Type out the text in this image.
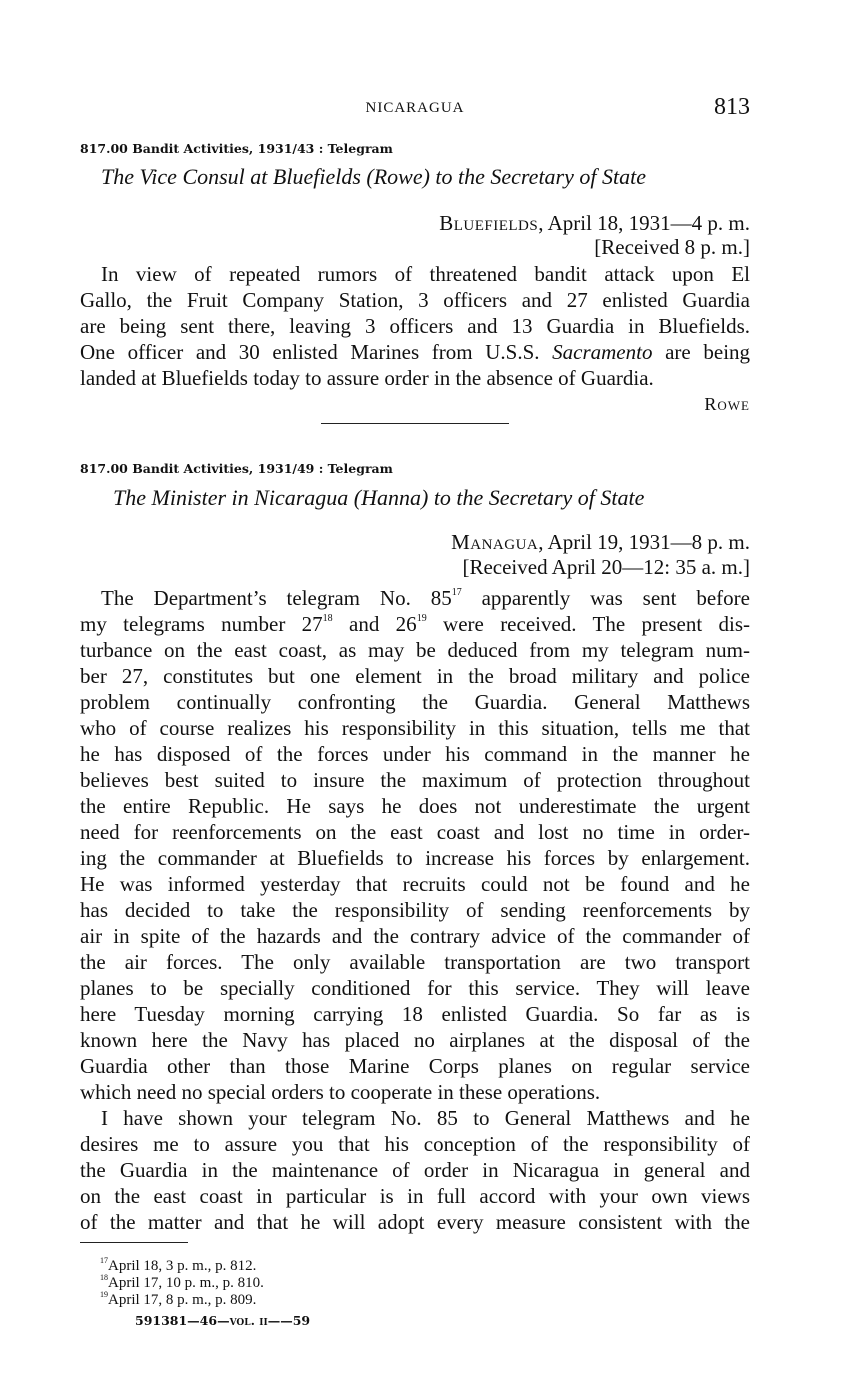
NICARAGUA	813
817.00 Bandit Activities, 1931/43 : Telegram
The Vice Consul at Bluefields (Rowe) to the Secretary of State
Bluefields, April 18, 1931—4 p. m.
[Received 8 p. m.]
In view of repeated rumors of threatened bandit attack upon El
Gallo, the Fruit Company Station, 3 officers and 27 enlisted Guardia
are being sent there, leaving 3 officers and 13 Guardia in Bluefields.
One officer and 30 enlisted Marines from U.S.S. Sacramento are being
landed at Bluefields today to assure order in the absence of Guardia.
Rowe
817.00 Bandit Activities, 1931/49 : Telegram
The Minister in Nicaragua (Hanna) to the Secretary of State
Managua, April 19, 1931—8 p. m.
[Received April 20—12: 35 a. m.]
The Department’s telegram No. $85^{17}$ apparently was sent before
my telegrams number $27^{18}$ and $26^{19}$ were received. The present dis-
turbance on the east coast, as may be deduced from my telegram num-
ber 27, constitutes but one element in the broad military and police
problem continually confronting the Guardia. General Matthews
who of course realizes his responsibility in this situation, tells me that
he has disposed of the forces under his command in the manner he
believes best suited to insure the maximum of protection throughout
the entire Republic. He says he does not underestimate the urgent
need for reenforcements on the east coast and lost no time in order-
ing the commander at Bluefields to increase his forces by enlargement.
He was informed yesterday that recruits could not be found and he
has decided to take the responsibility of sending reenforcements by
air in spite of the hazards and the contrary advice of the commander of
the air forces. The only available transportation are two transport
planes to be specially conditioned for this service. They will leave
here Tuesday morning carrying 18 enlisted Guardia. So far as is
known here the Navy has placed no airplanes at the disposal of the
Guardia other than those Marine Corps planes on regular service
which need no special orders to cooperate in these operations.
I have shown your telegram No. 85 to General Matthews and he
desires me to assure you that his conception of the responsibility of
the Guardia in the maintenance of order in Nicaragua in general and
on the east coast in particular is in full accord with your own views
of the matter and that he will adopt every measure consistent with the
$^{17}$April 18, 3 p. m., p. 812.
$^{18}$April 17, 10 p. m., p. 810.
$^{19}$April 17, 8 p. m., p. 809.
591381—46—vol. ii——59
